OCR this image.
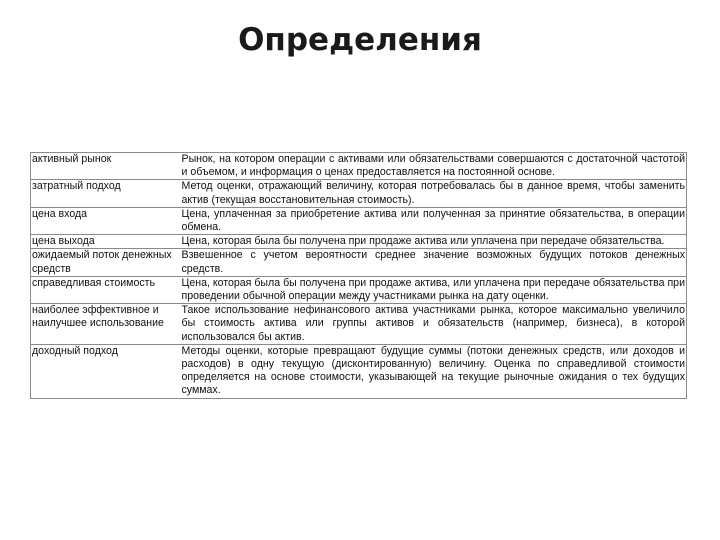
Определения
активный рынок	Рынок, на котором операции с активами или обязательствами совершаются с достаточной частотой и объемом, и информация о ценах предоставляется на постоянной основе.
затратный подход	Метод оценки, отражающий величину, которая потребовалась бы в данное время, чтобы заменить актив (текущая восстановительная стоимость).
цена входа	Цена, уплаченная за приобретение актива или полученная за принятие обязательства, в операции обмена.
цена выхода	Цена, которая была бы получена при продаже актива или уплачена при передаче обязательства.
ожидаемый поток денежных средств	Взвешенное с учетом вероятности среднее значение возможных будущих потоков денежных средств.
справедливая стоимость	Цена, которая была бы получена при продаже актива, или уплачена при передаче обязательства при проведении обычной операции между участниками рынка на дату оценки.
наиболее эффективное и наилучшее использование	Такое использование нефинансового актива участниками рынка, которое максимально увеличило бы стоимость актива или группы активов и обязательств (например, бизнеса), в которой использовался бы актив.
доходный подход	Методы оценки, которые превращают будущие суммы (потоки денежных средств, или доходов и расходов) в одну текущую (дисконтированную) величину. Оценка по справедливой стоимости определяется на основе стоимости, указывающей на текущие рыночные ожидания о тех будущих суммах.
